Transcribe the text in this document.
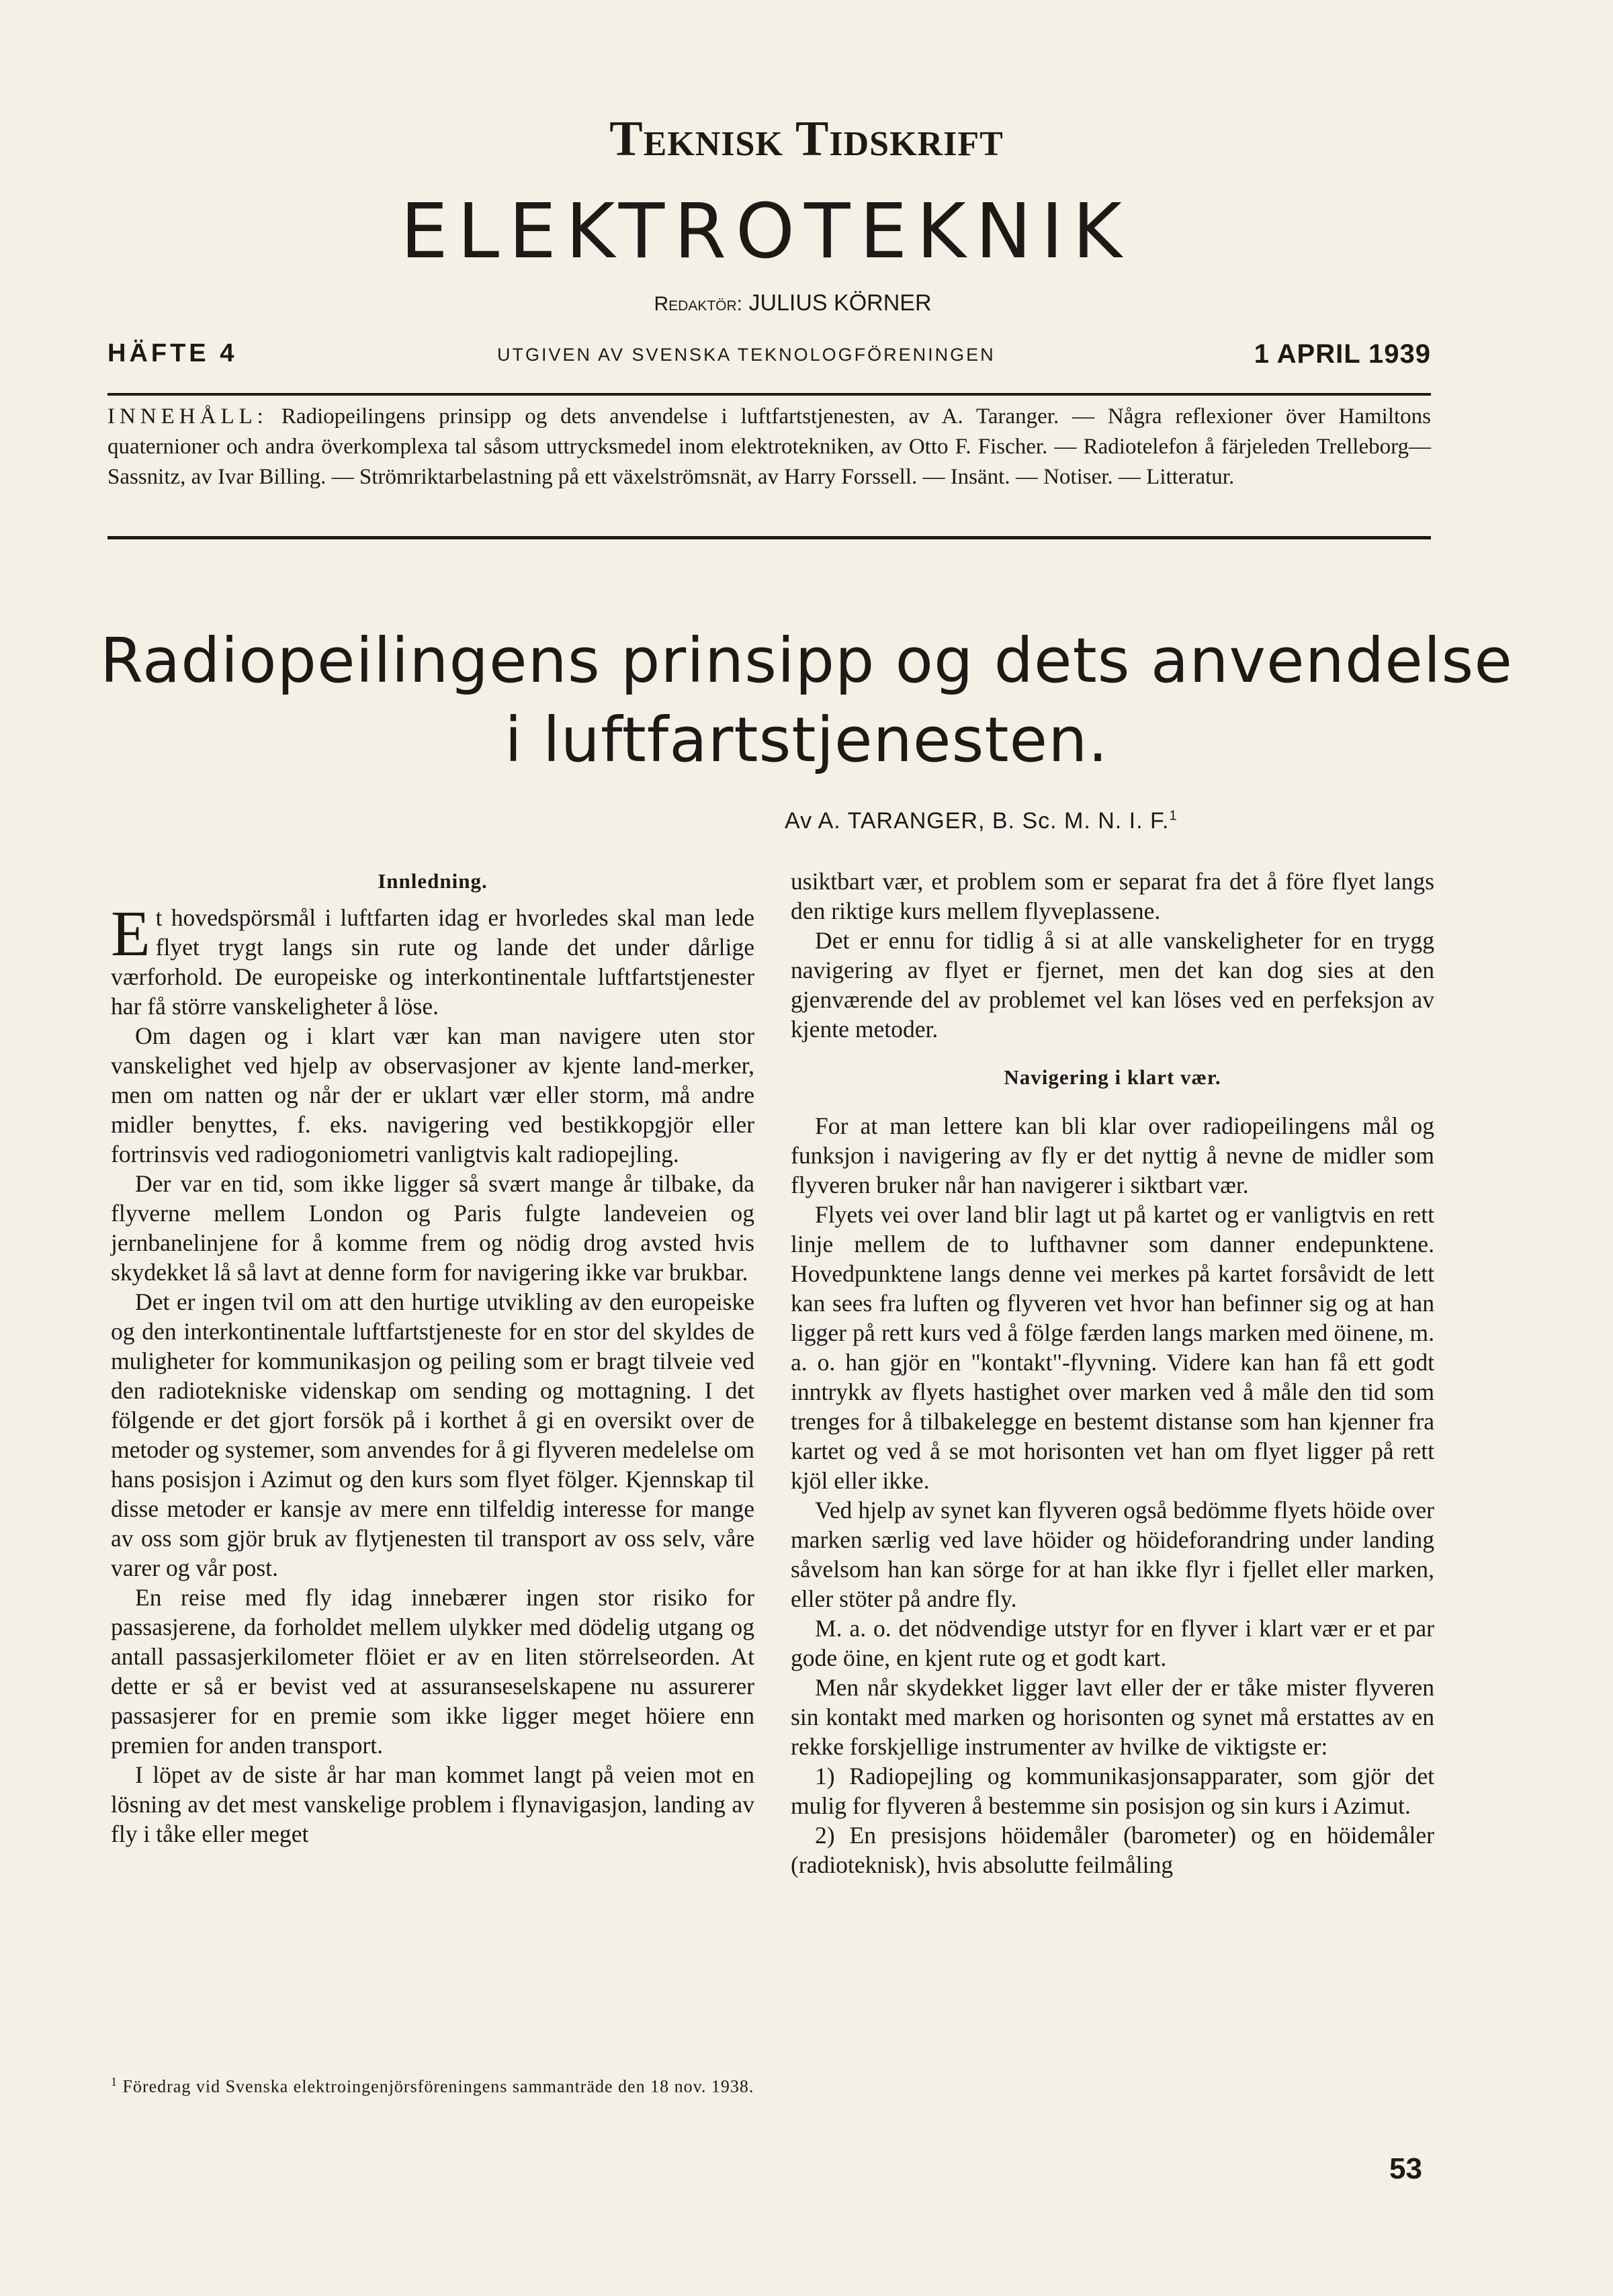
Teknisk Tidskrift
ELEKTROTEKNIK
Redaktör: JULIUS KÖRNER
HÄFTE 4	UTGIVEN AV SVENSKA TEKNOLOGFÖRENINGEN	1 APRIL 1939
INNEHÅLL: Radiopeilingens prinsipp og dets anvendelse i luftfartstjenesten, av A. Taranger. — Några reflexioner över Hamiltons quaternioner och andra överkomplexa tal såsom uttrycksmedel inom elektrotekniken, av Otto F. Fischer. — Radiotelefon å färjeleden Trelleborg—Sassnitz, av Ivar Billing. — Strömriktarbelastning på ett växelströmsnät, av Harry Forssell. — Insänt. — Notiser. — Litteratur.
Radiopeilingens prinsipp og dets anvendelse
i luftfartstjenesten.
Av A. TARANGER, B. Sc. M. N. I. F.$^1$
Innledning.

Et hovedspörsmål i luftfarten idag er hvorledes skal man lede flyet trygt langs sin rute og lande det under dårlige værforhold. De europeiske og interkontinentale luftfartstjenester har få större vanskeligheter å löse.

Om dagen og i klart vær kan man navigere uten stor vanskelighet ved hjelp av observasjoner av kjente land-merker, men om natten og når der er uklart vær eller storm, må andre midler benyttes, f. eks. navigering ved bestikkopgjör eller fortrinsvis ved radiogoniometri vanligtvis kalt radiopejling.

Der var en tid, som ikke ligger så svært mange år tilbake, da flyverne mellem London og Paris fulgte landeveien og jernbanelinjene for å komme frem og nödig drog avsted hvis skydekket lå så lavt at denne form for navigering ikke var brukbar.

Det er ingen tvil om att den hurtige utvikling av den europeiske og den interkontinentale luftfartstjeneste for en stor del skyldes de muligheter for kommunikasjon og peiling som er bragt tilveie ved den radiotekniske videnskap om sending og mottagning. I det fölgende er det gjort forsök på i korthet å gi en oversikt over de metoder og systemer, som anvendes for å gi flyveren medelelse om hans posisjon i Azimut og den kurs som flyet fölger. Kjennskap til disse metoder er kansje av mere enn tilfeldig interesse for mange av oss som gjör bruk av flytjenesten til transport av oss selv, våre varer og vår post.

En reise med fly idag innebærer ingen stor risiko for passasjerene, da forholdet mellem ulykker med dödelig utgang og antall passasjerkilometer flöiet er av en liten störrelseorden. At dette er så er bevist ved at assuranseselskapene nu assurerer passasjerer for en premie som ikke ligger meget höiere enn premien for anden transport.

I löpet av de siste år har man kommet langt på veien mot en lösning av det mest vanskelige problem i flynavigasjon, landing av fly i tåke eller meget

usiktbart vær, et problem som er separat fra det å före flyet langs den riktige kurs mellem flyveplassene.

Det er ennu for tidlig å si at alle vanskeligheter for en trygg navigering av flyet er fjernet, men det kan dog sies at den gjenværende del av problemet vel kan löses ved en perfeksjon av kjente metoder.

Navigering i klart vær.

For at man lettere kan bli klar over radiopeilingens mål og funksjon i navigering av fly er det nyttig å nevne de midler som flyveren bruker når han navigerer i siktbart vær.

Flyets vei over land blir lagt ut på kartet og er vanligtvis en rett linje mellem de to lufthavner som danner endepunktene. Hovedpunktene langs denne vei merkes på kartet forsåvidt de lett kan sees fra luften og flyveren vet hvor han befinner sig og at han ligger på rett kurs ved å fölge færden langs marken med öinene, m. a. o. han gjör en "kontakt"-flyvning. Videre kan han få ett godt inntrykk av flyets hastighet over marken ved å måle den tid som trenges for å tilbakelegge en bestemt distanse som han kjenner fra kartet og ved å se mot horisonten vet han om flyet ligger på rett kjöl eller ikke.

Ved hjelp av synet kan flyveren også bedömme flyets höide over marken særlig ved lave höider og höideforandring under landing såvelsom han kan sörge for at han ikke flyr i fjellet eller marken, eller stöter på andre fly.

M. a. o. det nödvendige utstyr for en flyver i klart vær er et par gode öine, en kjent rute og et godt kart.

Men når skydekket ligger lavt eller der er tåke mister flyveren sin kontakt med marken og horisonten og synet må erstattes av en rekke forskjellige instrumenter av hvilke de viktigste er:

1) Radiopejling og kommunikasjonsapparater, som gjör det mulig for flyveren å bestemme sin posisjon og sin kurs i Azimut.

2) En presisjons höidemåler (barometer) og en höidemåler (radioteknisk), hvis absolutte feilmåling

$^1$ Föredrag vid Svenska elektroingenjörsföreningens sammanträde den 18 nov. 1938.
53
